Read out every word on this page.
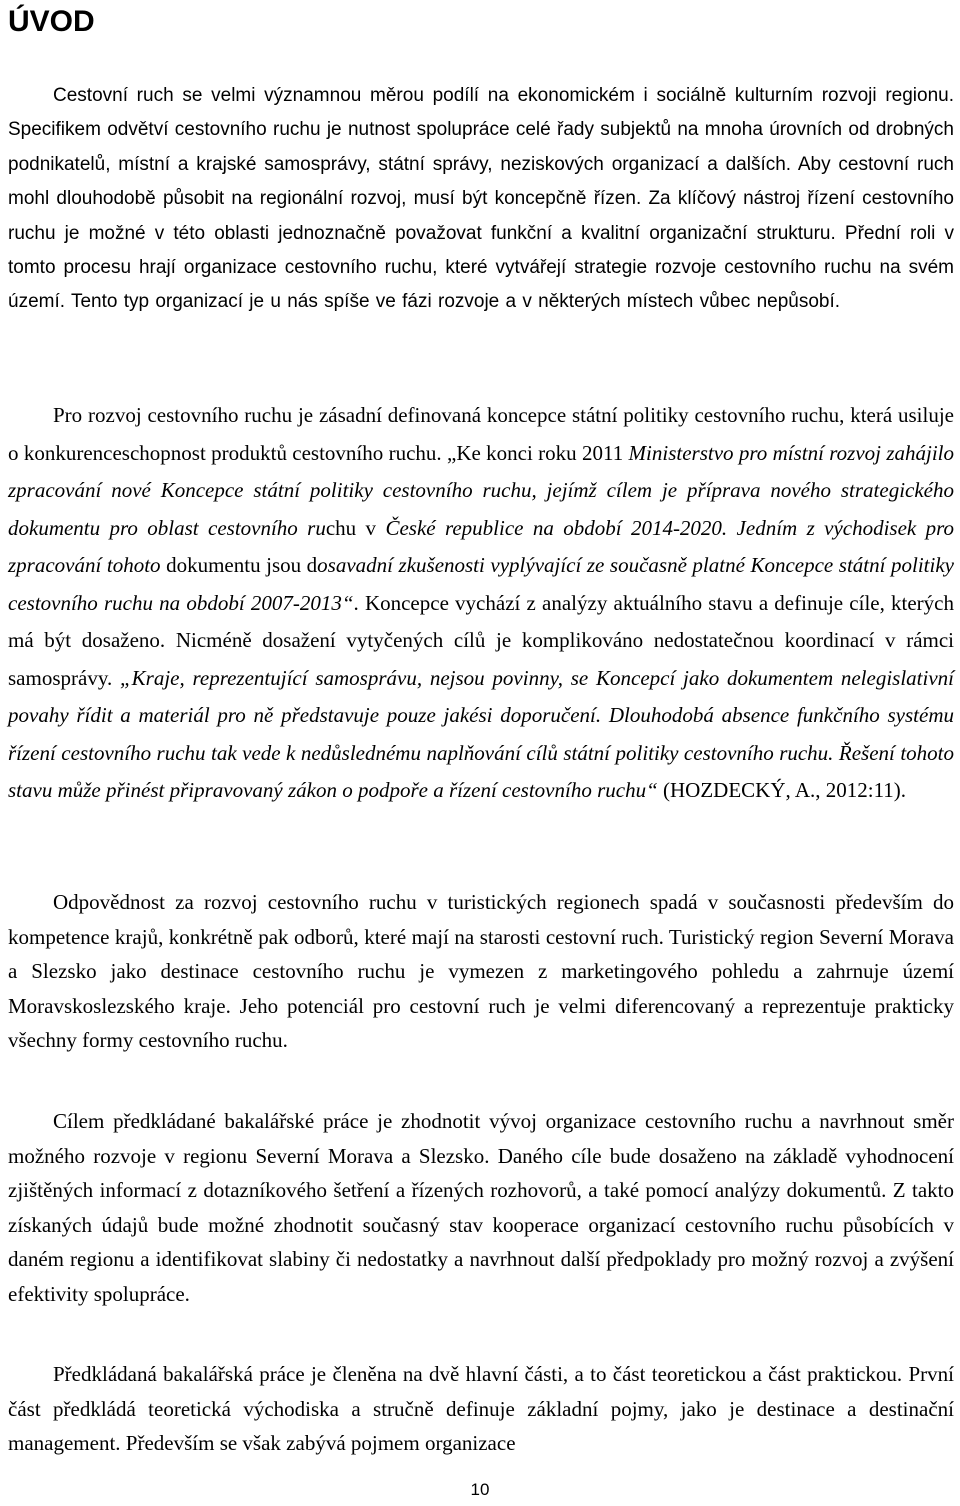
ÚVOD

Cestovní ruch se velmi významnou měrou podílí na ekonomickém i sociálně kulturním rozvoji regionu. Specifikem odvětví cestovního ruchu je nutnost spolupráce celé řady subjektů na mnoha úrovních od drobných podnikatelů, místní a krajské samosprávy, státní správy, neziskových organizací a dalších. Aby cestovní ruch mohl dlouhodobě působit na regionální rozvoj, musí být koncepčně řízen. Za klíčový nástroj řízení cestovního ruchu je možné v této oblasti jednoznačně považovat funkční a kvalitní organizační strukturu. Přední roli v tomto procesu hrají organizace cestovního ruchu, které vytvářejí strategie rozvoje cestovního ruchu na svém území. Tento typ organizací je u nás spíše ve fázi rozvoje a v některých místech vůbec nepůsobí.

Pro rozvoj cestovního ruchu je zásadní definovaná koncepce státní politiky cestovního ruchu, která usiluje o konkurenceschopnost produktů cestovního ruchu. „Ke konci roku 2011 Ministerstvo pro místní rozvoj zahájilo zpracování nové Koncepce státní politiky cestovního ruchu, jejímž cílem je příprava nového strategického dokumentu pro oblast cestovního ruchu v České republice na období 2014-2020. Jedním z východisek pro zpracování tohoto dokumentu jsou dosavadní zkušenosti vyplývající ze současně platné Koncepce státní politiky cestovního ruchu na období 2007-2013“. Koncepce vychází z analýzy aktuálního stavu a definuje cíle, kterých má být dosaženo. Nicméně dosažení vytyčených cílů je komplikováno nedostatečnou koordinací v rámci samosprávy. „Kraje, reprezentující samosprávu, nejsou povinny, se Koncepcí jako dokumentem nelegislativní povahy řídit a materiál pro ně představuje pouze jakési doporučení. Dlouhodobá absence funkčního systému řízení cestovního ruchu tak vede k nedůslednému naplňování cílů státní politiky cestovního ruchu. Řešení tohoto stavu může přinést připravovaný zákon o podpoře a řízení cestovního ruchu“ (HOZDECKÝ, A., 2012:11).

Odpovědnost za rozvoj cestovního ruchu v turistických regionech spadá v současnosti především do kompetence krajů, konkrétně pak odborů, které mají na starosti cestovní ruch. Turistický region Severní Morava a Slezsko jako destinace cestovního ruchu je vymezen z marketingového pohledu a zahrnuje území Moravskoslezského kraje. Jeho potenciál pro cestovní ruch je velmi diferencovaný a reprezentuje prakticky všechny formy cestovního ruchu.

Cílem předkládané bakalářské práce je zhodnotit vývoj organizace cestovního ruchu a navrhnout směr možného rozvoje v regionu Severní Morava a Slezsko. Daného cíle bude dosaženo na základě vyhodnocení zjištěných informací z dotazníkového šetření a řízených rozhovorů, a také pomocí analýzy dokumentů. Z takto získaných údajů bude možné zhodnotit současný stav kooperace organizací cestovního ruchu působících v daném regionu a identifikovat slabiny či nedostatky a navrhnout další předpoklady pro možný rozvoj a zvýšení efektivity spolupráce.

Předkládaná bakalářská práce je členěna na dvě hlavní části, a to část teoretickou a část praktickou. První část předkládá teoretická východiska a stručně definuje základní pojmy, jako je destinace a destinační management. Především se však zabývá pojmem organizace

10
